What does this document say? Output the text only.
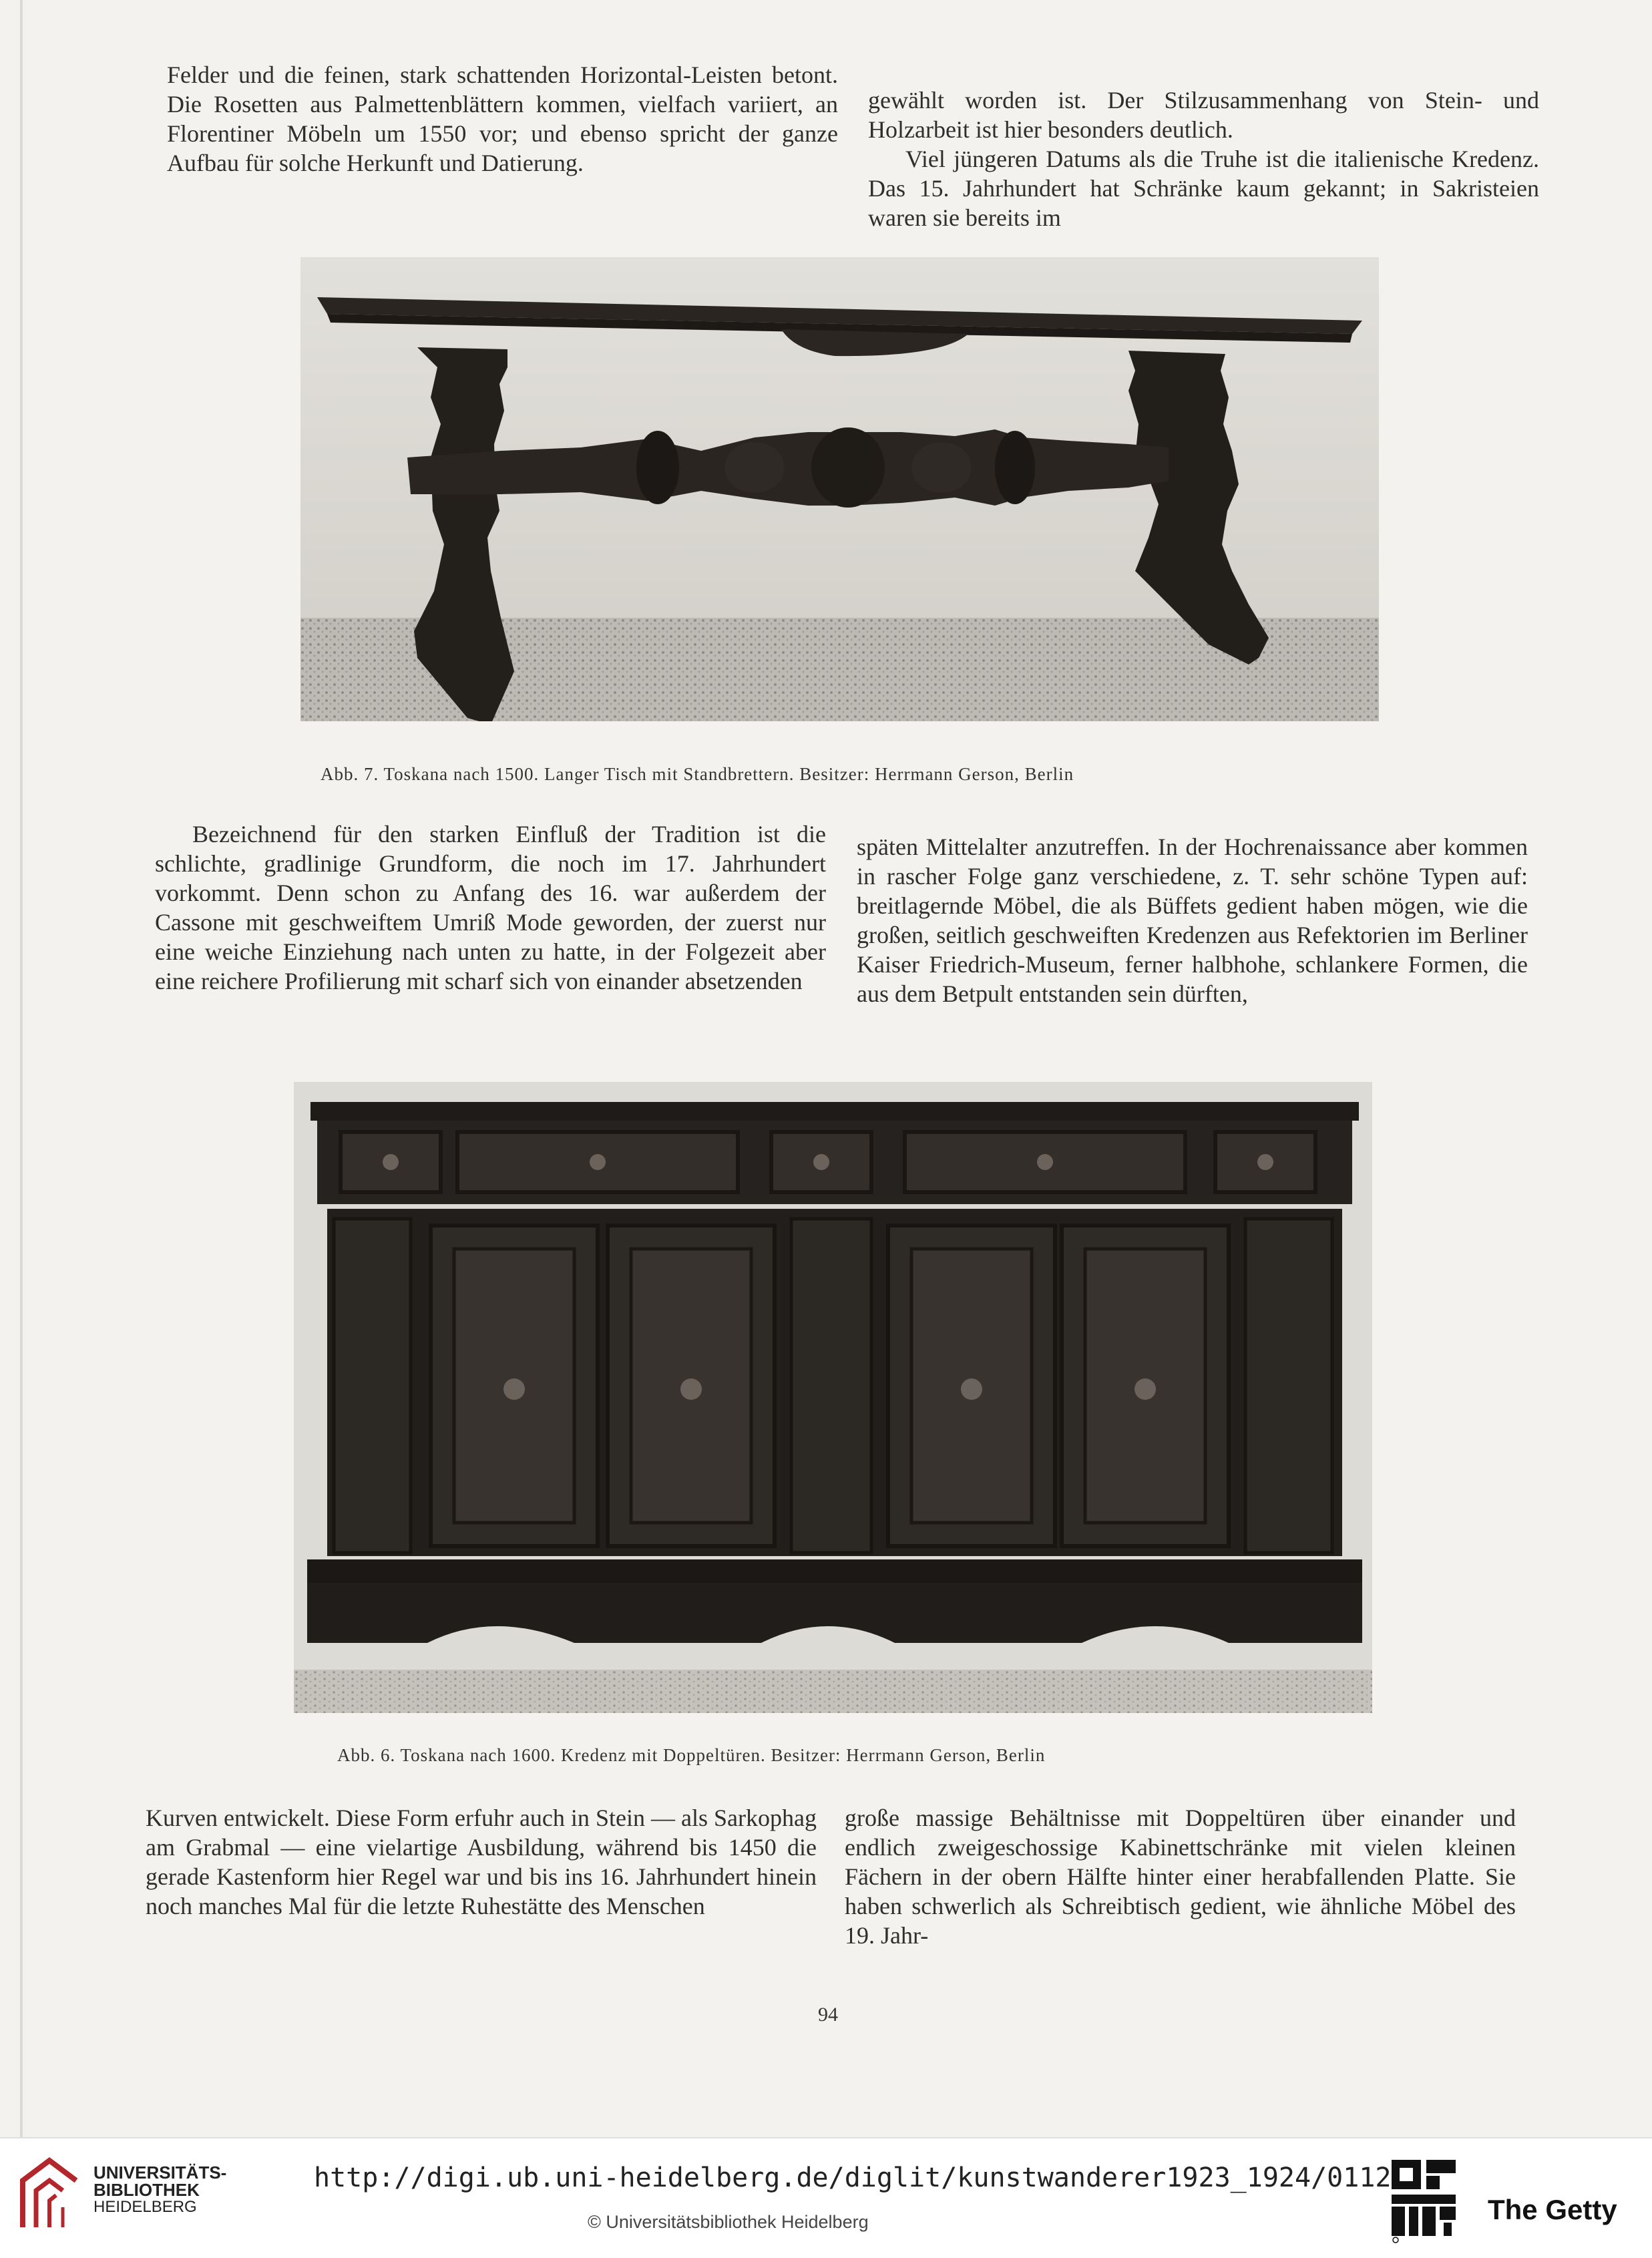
Felder und die feinen, stark schattenden Horizontal-Leisten betont. Die Rosetten aus Palmettenblättern kommen, vielfach variiert, an Florentiner Möbeln um 1550 vor; und ebenso spricht der ganze Aufbau für solche Herkunft und Datierung.

gewählt worden ist. Der Stilzusammenhang von Stein- und Holzarbeit ist hier besonders deutlich.

Viel jüngeren Datums als die Truhe ist die italienische Kredenz. Das 15. Jahrhundert hat Schränke kaum gekannt; in Sakristeien waren sie bereits im

Abb. 7. Toskana nach 1500. Langer Tisch mit Standbrettern. Besitzer: Herrmann Gerson, Berlin

Bezeichnend für den starken Einfluß der Tradition ist die schlichte, gradlinige Grundform, die noch im 17. Jahrhundert vorkommt. Denn schon zu Anfang des 16. war außerdem der Cassone mit geschweiftem Umriß Mode geworden, der zuerst nur eine weiche Einziehung nach unten zu hatte, in der Folgezeit aber eine reichere Profilierung mit scharf sich von einander absetzenden

späten Mittelalter anzutreffen. In der Hochrenaissance aber kommen in rascher Folge ganz verschiedene, z. T. sehr schöne Typen auf: breitlagernde Möbel, die als Büffets gedient haben mögen, wie die großen, seitlich geschweiften Kredenzen aus Refektorien im Berliner Kaiser Friedrich-Museum, ferner halbhohe, schlankere Formen, die aus dem Betpult entstanden sein dürften,

Abb. 6. Toskana nach 1600. Kredenz mit Doppeltüren. Besitzer: Herrmann Gerson, Berlin

Kurven entwickelt. Diese Form erfuhr auch in Stein — als Sarkophag am Grabmal — eine vielartige Ausbildung, während bis 1450 die gerade Kastenform hier Regel war und bis ins 16. Jahrhundert hinein noch manches Mal für die letzte Ruhestätte des Menschen

große massige Behältnisse mit Doppeltüren über einander und endlich zweigeschossige Kabinettschränke mit vielen kleinen Fächern in der obern Hälfte hinter einer herabfallenden Platte. Sie haben schwerlich als Schreibtisch gedient, wie ähnliche Möbel des 19. Jahr-

94
UNIVERSITÄTS-
BIBLIOTHEK
HEIDELBERG
http://digi.ub.uni-heidelberg.de/diglit/kunstwanderer1923_1924/0112
© Universitätsbibliothek Heidelberg	The Getty
